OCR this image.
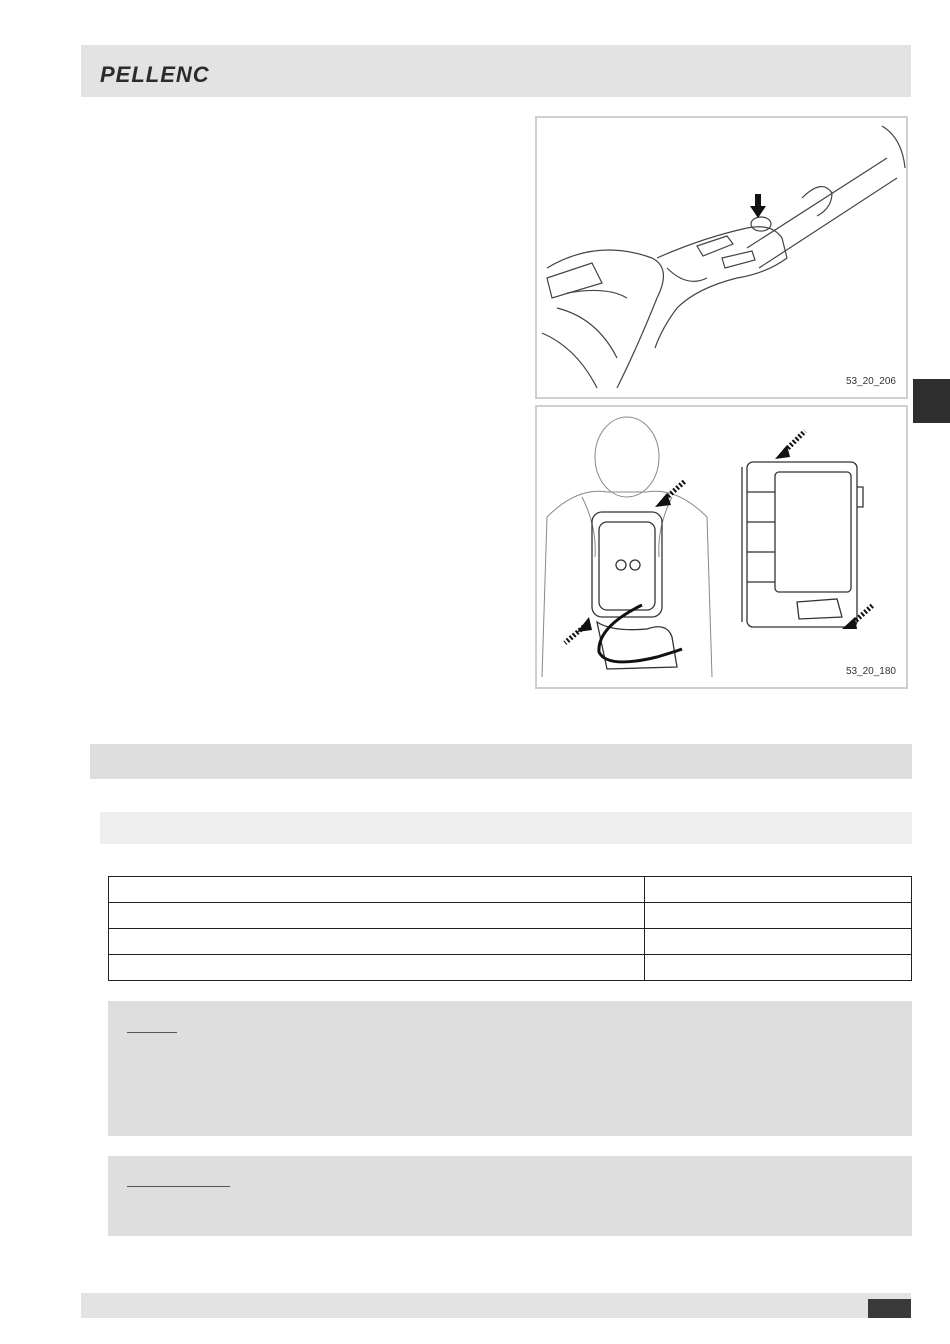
PELLENC
53_20_206
53_20_180
